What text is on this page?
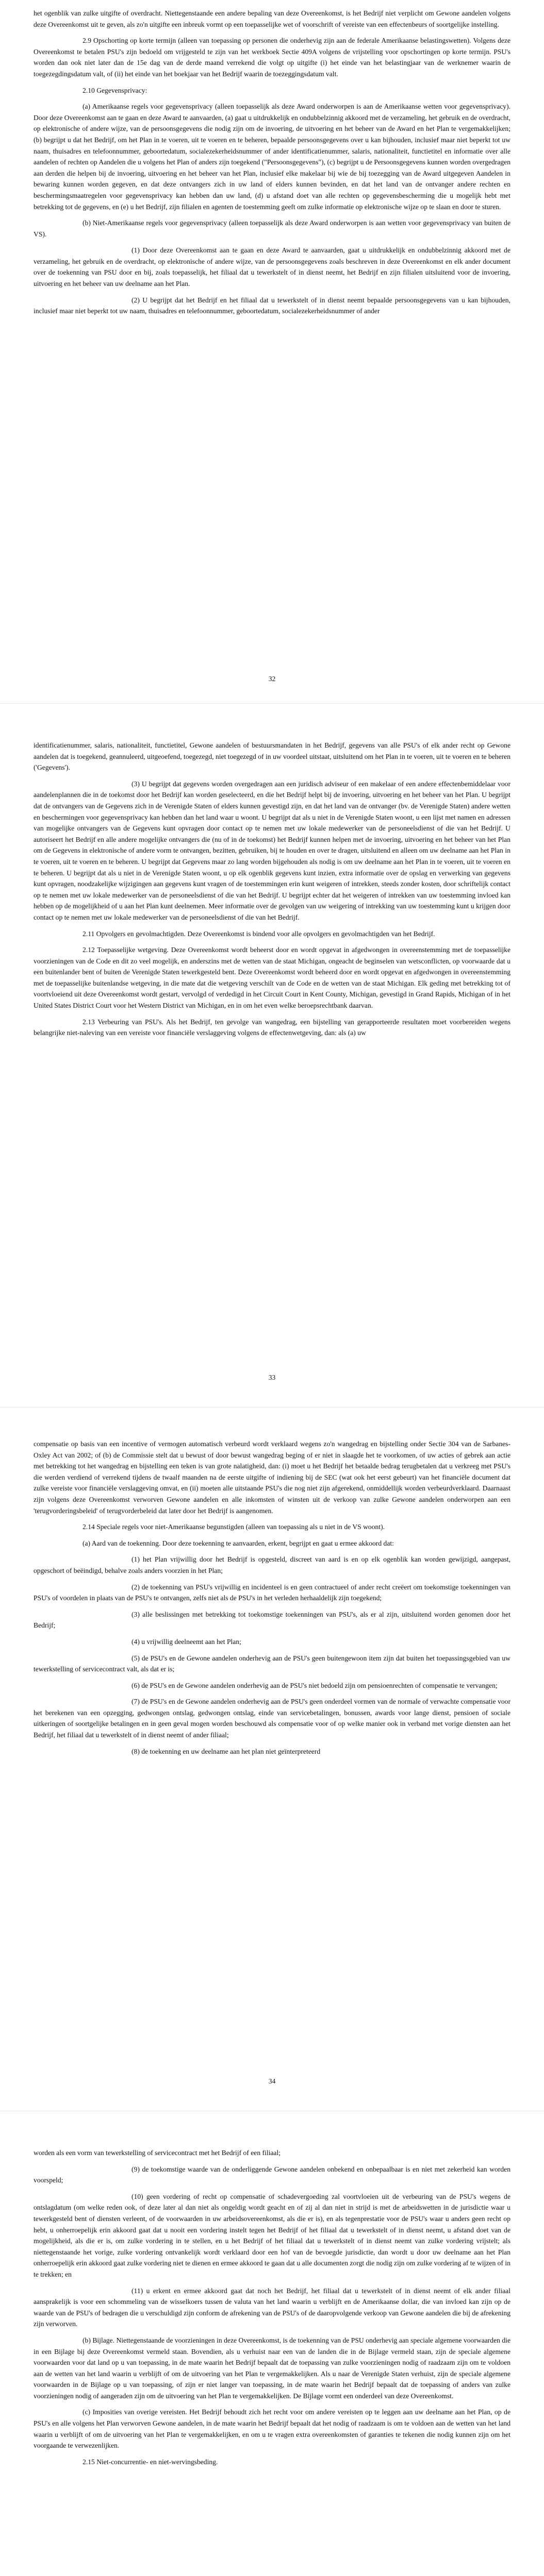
het ogenblik van zulke uitgifte of overdracht. Niettegenstaande een andere bepaling van deze Overeenkomst, is het Bedrijf niet verplicht om Gewone aandelen volgens deze Overeenkomst uit te geven, als zo'n uitgifte een inbreuk vormt op een toepasselijke wet of voorschrift of vereiste van een effectenbeurs of soortgelijke instelling.

2.9 Opschorting op korte termijn (alleen van toepassing op personen die onderhevig zijn aan de federale Amerikaanse belastingswetten). Volgens deze Overeenkomst te betalen PSU's zijn bedoeld om vrijgesteld te zijn van het werkboek Sectie 409A volgens de vrijstelling voor opschortingen op korte termijn. PSU's worden dan ook niet later dan de 15e dag van de derde maand verrekend die volgt op uitgifte (i) het einde van het belastingjaar van de werknemer waarin de toegezegdingsdatum valt, of (ii) het einde van het boekjaar van het Bedrijf waarin de toezeggingsdatum valt.

2.10 Gegevensprivacy:

(a) Amerikaanse regels voor gegevensprivacy (alleen toepasselijk als deze Award onderworpen is aan de Amerikaanse wetten voor gegevensprivacy). Door deze Overeenkomst aan te gaan en deze Award te aanvaarden, (a) gaat u uitdrukkelijk en ondubbelzinnig akkoord met de verzameling, het gebruik en de overdracht, op elektronische of andere wijze, van de persoonsgegevens die nodig zijn om de invoering, de uitvoering en het beheer van de Award en het Plan te vergemakkelijken; (b) begrijpt u dat het Bedrijf, om het Plan in te voeren, uit te voeren en te beheren, bepaalde persoonsgegevens over u kan bijhouden, inclusief maar niet beperkt tot uw naam, thuisadres en telefoonnummer, geboortedatum, socialezekerheidsnummer of ander identificatienummer, salaris, nationaliteit, functietitel en informatie over alle aandelen of rechten op Aandelen die u volgens het Plan of anders zijn toegekend ("Persoonsgegevens"), (c) begrijpt u de Persoonsgegevens kunnen worden overgedragen aan derden die helpen bij de invoering, uitvoering en het beheer van het Plan, inclusief elke makelaar bij wie de bij toezegging van de Award uitgegeven Aandelen in bewaring kunnen worden gegeven, en dat deze ontvangers zich in uw land of elders kunnen bevinden, en dat het land van de ontvanger andere rechten en beschermingsmaatregelen voor gegevensprivacy kan hebben dan uw land, (d) u afstand doet van alle rechten op gegevensbescherming die u mogelijk hebt met betrekking tot de gegevens, en (e) u het Bedrijf, zijn filialen en agenten de toestemming geeft om zulke informatie op elektronische wijze op te slaan en door te sturen.

(b) Niet-Amerikaanse regels voor gegevensprivacy (alleen toepasselijk als deze Award onderworpen is aan wetten voor gegevensprivacy van buiten de VS).

(1) Door deze Overeenkomst aan te gaan en deze Award te aanvaarden, gaat u uitdrukkelijk en ondubbelzinnig akkoord met de verzameling, het gebruik en de overdracht, op elektronische of andere wijze, van de persoonsgegevens zoals beschreven in deze Overeenkomst en elk ander document over de toekenning van PSU door en bij, zoals toepasselijk, het filiaal dat u tewerkstelt of in dienst neemt, het Bedrijf en zijn filialen uitsluitend voor de invoering, uitvoering en het beheer van uw deelname aan het Plan.

(2) U begrijpt dat het Bedrijf en het filiaal dat u tewerkstelt of in dienst neemt bepaalde persoonsgegevens van u kan bijhouden, inclusief maar niet beperkt tot uw naam, thuisadres en telefoonnummer, geboortedatum, socialezekerheidsnummer of ander

32

identificatienummer, salaris, nationaliteit, functietitel, Gewone aandelen of bestuursmandaten in het Bedrijf, gegevens van alle PSU's of elk ander recht op Gewone aandelen dat is toegekend, geannuleerd, uitgeoefend, toegezegd, niet toegezegd of in uw voordeel uitstaat, uitsluitend om het Plan in te voeren, uit te voeren en te beheren ('Gegevens').

(3) U begrijpt dat gegevens worden overgedragen aan een juridisch adviseur of een makelaar of een andere effectenbemiddelaar voor aandelenplannen die in de toekomst door het Bedrijf kan worden geselecteerd, en die het Bedrijf helpt bij de invoering, uitvoering en het beheer van het Plan. U begrijpt dat de ontvangers van de Gegevens zich in de Verenigde Staten of elders kunnen gevestigd zijn, en dat het land van de ontvanger (bv. de Verenigde Staten) andere wetten en beschermingen voor gegevensprivacy kan hebben dan het land waar u woont. U begrijpt dat als u niet in de Verenigde Staten woont, u een lijst met namen en adressen van mogelijke ontvangers van de Gegevens kunt opvragen door contact op te nemen met uw lokale medewerker van de personeelsdienst of die van het Bedrijf. U autoriseert het Bedrijf en alle andere mogelijke ontvangers die (nu of in de toekomst) het Bedrijf kunnen helpen met de invoering, uitvoering en het beheer van het Plan om de Gegevens in elektronische of andere vorm te ontvangen, bezitten, gebruiken, bij te houden en over te dragen, uitsluitend en alleen om uw deelname aan het Plan in te voeren, uit te voeren en te beheren. U begrijpt dat Gegevens maar zo lang worden bijgehouden als nodig is om uw deelname aan het Plan in te voeren, uit te voeren en te beheren. U begrijpt dat als u niet in de Verenigde Staten woont, u op elk ogenblik gegevens kunt inzien, extra informatie over de opslag en verwerking van gegevens kunt opvragen, noodzakelijke wijzigingen aan gegevens kunt vragen of de toestemmingen erin kunt weigeren of intrekken, steeds zonder kosten, door schriftelijk contact op te nemen met uw lokale medewerker van de personeelsdienst of die van het Bedrijf. U begrijpt echter dat het weigeren of intrekken van uw toestemming invloed kan hebben op de mogelijkheid of u aan het Plan kunt deelnemen. Meer informatie over de gevolgen van uw weigering of intrekking van uw toestemming kunt u krijgen door contact op te nemen met uw lokale medewerker van de personeelsdienst of die van het Bedrijf.

2.11 Opvolgers en gevolmachtigden. Deze Overeenkomst is bindend voor alle opvolgers en gevolmachtigden van het Bedrijf.

2.12 Toepasselijke wetgeving. Deze Overeenkomst wordt beheerst door en wordt opgevat in afgedwongen in overeenstemming met de toepasselijke voorzieningen van de Code en dit zo veel mogelijk, en anderszins met de wetten van de staat Michigan, ongeacht de beginselen van wetsconflicten, op voorwaarde dat u een buitenlander bent of buiten de Verenigde Staten tewerkgesteld bent. Deze Overeenkomst wordt beheerd door en wordt opgevat en afgedwongen in overeenstemming met de toepasselijke buitenlandse wetgeving, in die mate dat die wetgeving verschilt van de Code en de wetten van de staat Michigan. Elk geding met betrekking tot of voortvloeiend uit deze Overeenkomst wordt gestart, vervolgd of verdedigd in het Circuit Court in Kent County, Michigan, gevestigd in Grand Rapids, Michigan of in het United States District Court voor het Western District van Michigan, en in om het even welke beroepsrechtbank daarvan.

2.13 Verbeuring van PSU's. Als het Bedrijf, ten gevolge van wangedrag, een bijstelling van gerapporteerde resultaten moet voorbereiden wegens belangrijke niet-naleving van een vereiste voor financiële verslaggeving volgens de effectenwetgeving, dan: als (a) uw

33

compensatie op basis van een incentive of vermogen automatisch verbeurd wordt verklaard wegens zo'n wangedrag en bijstelling onder Sectie 304 van de Sarbanes-Oxley Act van 2002; of (b) de Commissie stelt dat u bewust of door bewust wangedrag beging of er niet in slaagde het te voorkomen, of uw acties of gebrek aan actie met betrekking tot het wangedrag en bijstelling een teken is van grote nalatigheid, dan: (i) moet u het Bedrijf het betaalde bedrag terugbetalen dat u verkreeg met PSU's die werden verdiend of verrekend tijdens de twaalf maanden na de eerste uitgifte of indiening bij de SEC (wat ook het eerst gebeurt) van het financiële document dat zulke vereiste voor financiële verslaggeving omvat, en (ii) moeten alle uitstaande PSU's die nog niet zijn afgerekend, onmiddellijk worden verbeurdverklaard. Daarnaast zijn volgens deze Overeenkomst verworven Gewone aandelen en alle inkomsten of winsten uit de verkoop van zulke Gewone aandelen onderworpen aan een 'terugvorderingsbeleid' of terugvorderbeleid dat later door het Bedrijf is aangenomen.

2.14 Speciale regels voor niet-Amerikaanse begunstigden (alleen van toepassing als u niet in de VS woont).

(a) Aard van de toekenning. Door deze toekenning te aanvaarden, erkent, begrijpt en gaat u ermee akkoord dat:

(1) het Plan vrijwillig door het Bedrijf is opgesteld, discreet van aard is en op elk ogenblik kan worden gewijzigd, aangepast, opgeschort of beëindigd, behalve zoals anders voorzien in het Plan;

(2) de toekenning van PSU's vrijwillig en incidenteel is en geen contractueel of ander recht creëert om toekomstige toekenningen van PSU's of voordelen in plaats van de PSU's te ontvangen, zelfs niet als de PSU's in het verleden herhaaldelijk zijn toegekend;

(3) alle beslissingen met betrekking tot toekomstige toekenningen van PSU's, als er al zijn, uitsluitend worden genomen door het Bedrijf;

(4) u vrijwillig deelneemt aan het Plan;

(5) de PSU's en de Gewone aandelen onderhevig aan de PSU's geen buitengewoon item zijn dat buiten het toepassingsgebied van uw tewerkstelling of servicecontract valt, als dat er is;

(6) de PSU's en de Gewone aandelen onderhevig aan de PSU's niet bedoeld zijn om pensioenrechten of compensatie te vervangen;

(7) de PSU's en de Gewone aandelen onderhevig aan de PSU's geen onderdeel vormen van de normale of verwachte compensatie voor het berekenen van een opzegging, gedwongen ontslag, gedwongen ontslag, einde van servicebetalingen, bonussen, awards voor lange dienst, pensioen of sociale uitkeringen of soortgelijke betalingen en in geen geval mogen worden beschouwd als compensatie voor of op welke manier ook in verband met vorige diensten aan het Bedrijf, het filiaal dat u tewerkstelt of in dienst neemt of ander filiaal;

(8) de toekenning en uw deelname aan het plan niet geïnterpreteerd

34

worden als een vorm van tewerkstelling of servicecontract met het Bedrijf of een filiaal;

(9) de toekomstige waarde van de onderliggende Gewone aandelen onbekend en onbepaalbaar is en niet met zekerheid kan worden voorspeld;

(10) geen vordering of recht op compensatie of schadevergoeding zal voortvloeien uit de verbeuring van de PSU's wegens de ontslagdatum (om welke reden ook, of deze later al dan niet als ongeldig wordt geacht en of zij al dan niet in strijd is met de arbeidswetten in de jurisdictie waar u tewerkgesteld bent of diensten verleent, of de voorwaarden in uw arbeidsovereenkomst, als die er is), en als tegenprestatie voor de PSU's waar u anders geen recht op hebt, u onherroepelijk erin akkoord gaat dat u nooit een vordering instelt tegen het Bedrijf of het filiaal dat u tewerkstelt of in dienst neemt, u afstand doet van de mogelijkheid, als die er is, om zulke vordering in te stellen, en u het Bedrijf of het filiaal dat u tewerkstelt of in dienst neemt van zulke vordering vrijstelt; als niettegenstaande het vorige, zulke vordering ontvankelijk wordt verklaard door een hof van de bevoegde jurisdictie, dan wordt u door uw deelname aan het Plan onherroepelijk erin akkoord gaat zulke vordering niet te dienen en ermee akkoord te gaan dat u alle documenten zorgt die nodig zijn om zulke vordering af te wijzen of in te trekken; en

(11) u erkent en ermee akkoord gaat dat noch het Bedrijf, het filiaal dat u tewerkstelt of in dienst neemt of elk ander filiaal aansprakelijk is voor een schommeling van de wisselkoers tussen de valuta van het land waarin u verblijft en de Amerikaanse dollar, die van invloed kan zijn op de waarde van de PSU's of bedragen die u verschuldigd zijn conform de afrekening van de PSU's of de daaropvolgende verkoop van Gewone aandelen die bij de afrekening zijn verworven.

(b) Bijlage. Niettegenstaande de voorzieningen in deze Overeenkomst, is de toekenning van de PSU onderhevig aan speciale algemene voorwaarden die in een Bijlage bij deze Overeenkomst vermeld staan. Bovendien, als u verhuist naar een van de landen die in de Bijlage vermeld staan, zijn de speciale algemene voorwaarden voor dat land op u van toepassing, in de mate waarin het Bedrijf bepaalt dat de toepassing van zulke voorzieningen nodig of raadzaam zijn om te voldoen aan de wetten van het land waarin u verblijft of om de uitvoering van het Plan te vergemakkelijken. Als u naar de Verenigde Staten verhuist, zijn de speciale algemene voorwaarden in de Bijlage op u van toepassing, of zijn er niet langer van toepassing, in de mate waarin het Bedrijf bepaalt dat de toepassing of anders van zulke voorzieningen nodig of aangeraden zijn om de uitvoering van het Plan te vergemakkelijken. De Bijlage vormt een onderdeel van deze Overeenkomst.

(c) Imposities van overige vereisten. Het Bedrijf behoudt zich het recht voor om andere vereisten op te leggen aan uw deelname aan het Plan, op de PSU's en alle volgens het Plan verworven Gewone aandelen, in de mate waarin het Bedrijf bepaalt dat het nodig of raadzaam is om te voldoen aan de wetten van het land waarin u verblijft of om de uitvoering van het Plan te vergemakkelijken, en om u te vragen extra overeenkomsten of garanties te tekenen die nodig kunnen zijn om het voorgaande te verwezenlijken.

2.15 Niet-concurrentie- en niet-wervingsbeding.
